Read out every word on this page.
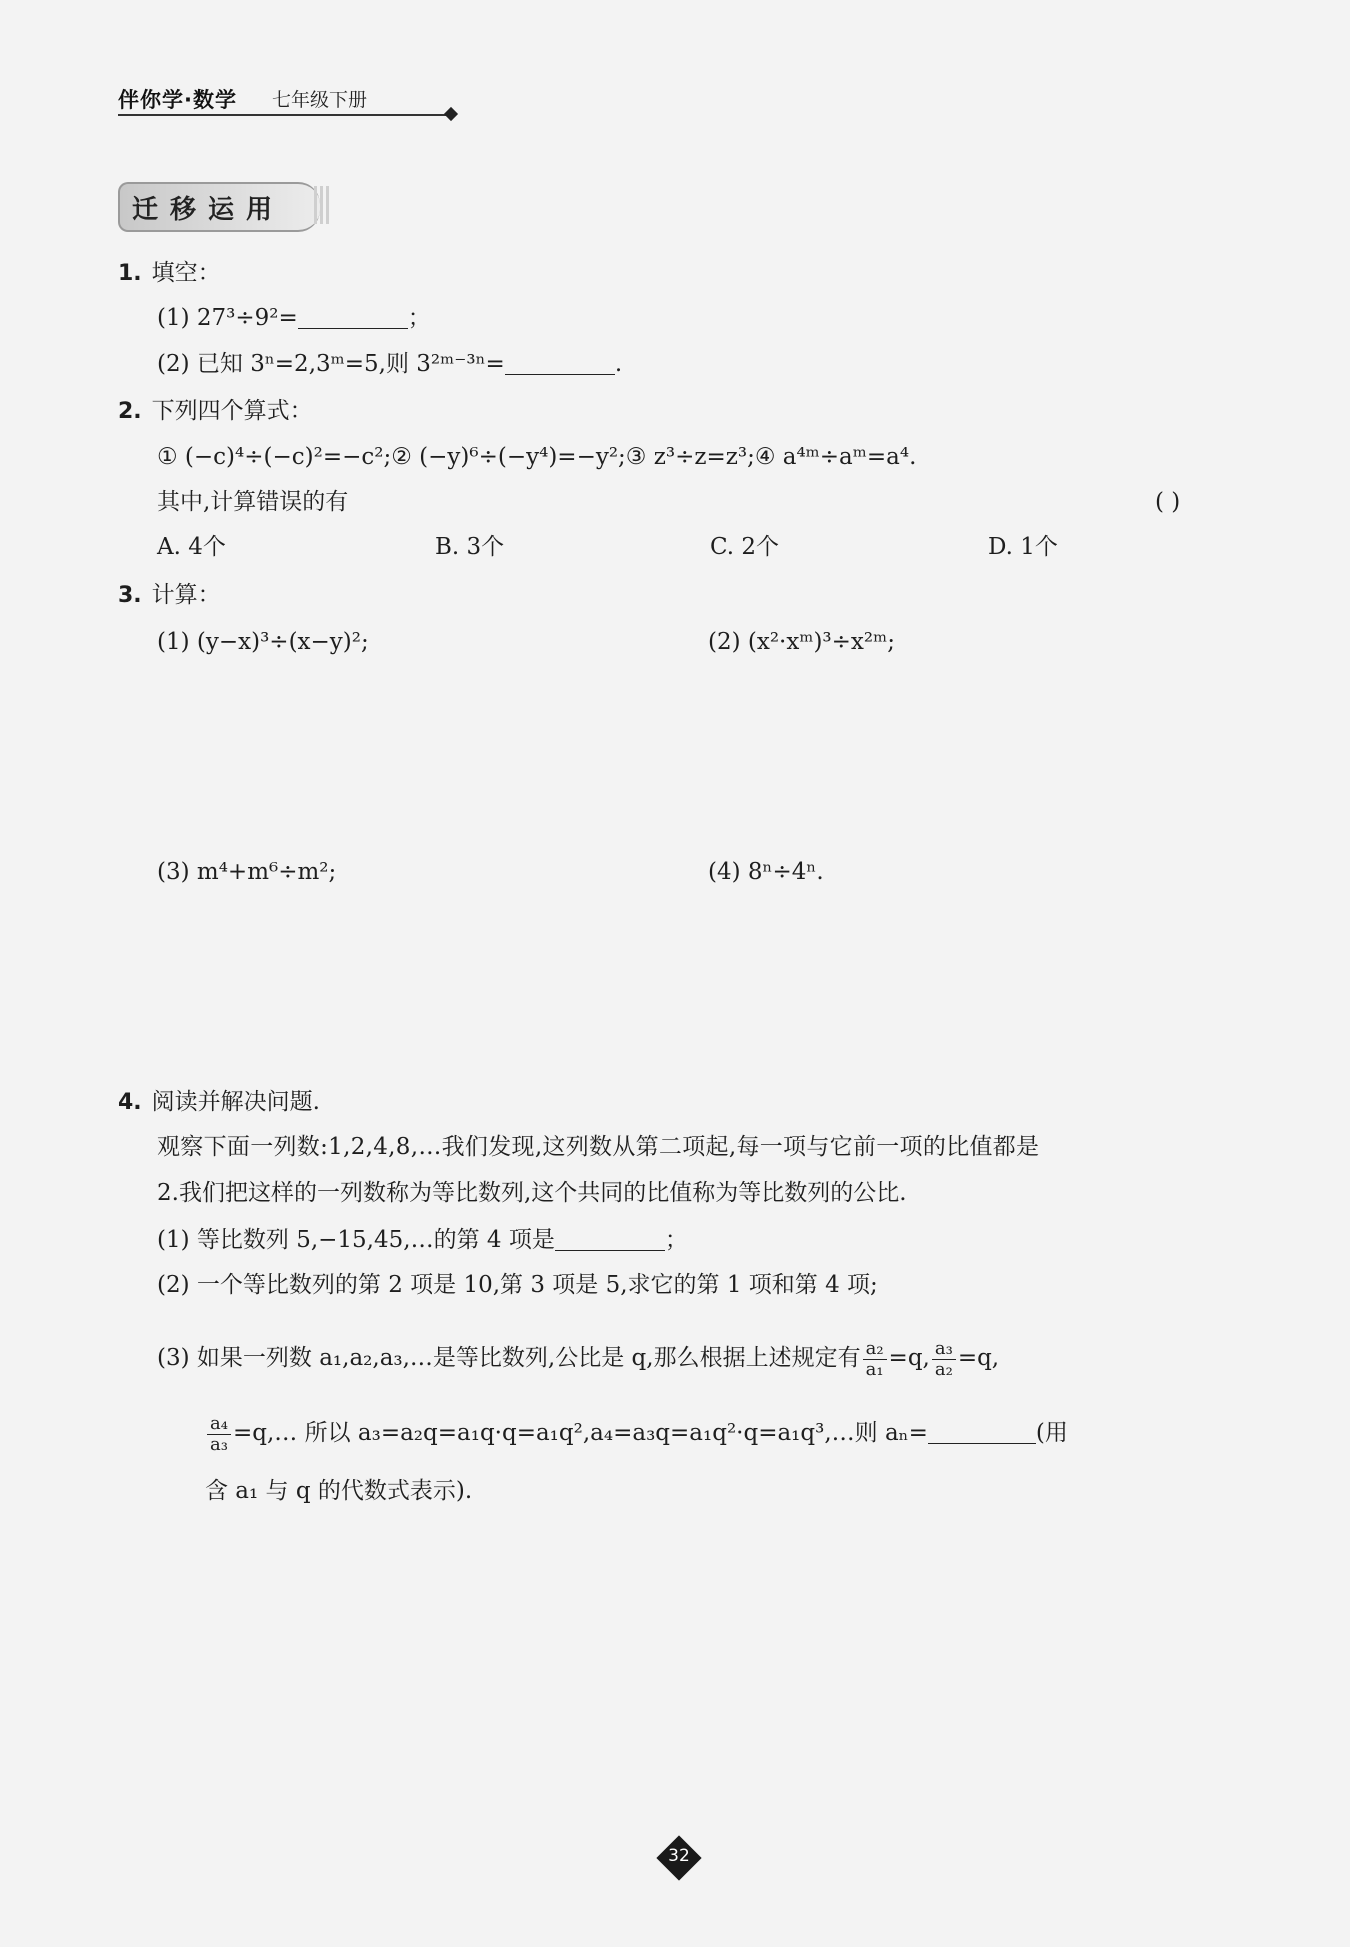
伴你学·数学 七年级下册
迁移运用
1. 填空：
(1) 27³÷9²=	；
(2) 已知 3ⁿ=2,3ᵐ=5,则 3²ᵐ⁻³ⁿ=	.
2. 下列四个算式：
① (−c)⁴÷(−c)²=−c²;② (−y)⁶÷(−y⁴)=−y²;③ z³÷z=z³;④ a⁴ᵐ÷aᵐ=a⁴.
其中,计算错误的有	( )
A. 4个	B. 3个	C. 2个	D. 1个
3. 计算：
(1) (y−x)³÷(x−y)²;	(2) (x²·xᵐ)³÷x²ᵐ;
(3) m⁴+m⁶÷m²;	(4) 8ⁿ÷4ⁿ.
4. 阅读并解决问题.
观察下面一列数:1,2,4,8,…我们发现,这列数从第二项起,每一项与它前一项的比值都是
2.我们把这样的一列数称为等比数列,这个共同的比值称为等比数列的公比.
(1) 等比数列 5,−15,45,…的第 4 项是	；
(2) 一个等比数列的第 2 项是 10,第 3 项是 5,求它的第 1 项和第 4 项;
(3) 如果一列数 a₁,a₂,a₃,…是等比数列,公比是 q,那么根据上述规定有 $\frac{\text{a₂}}{\text{a₁}} =q$, $\frac{\text{a₃}}{\text{a₂}} =q$,
$\frac{\text{a₄}}{\text{a₃}}$ =q,… 所以 a₃=a₂q=a₁q·q=a₁q²,a₄=a₃q=a₁q²·q=a₁q³,…则 aₙ=	(用
含 a₁ 与 q 的代数式表示).
32
